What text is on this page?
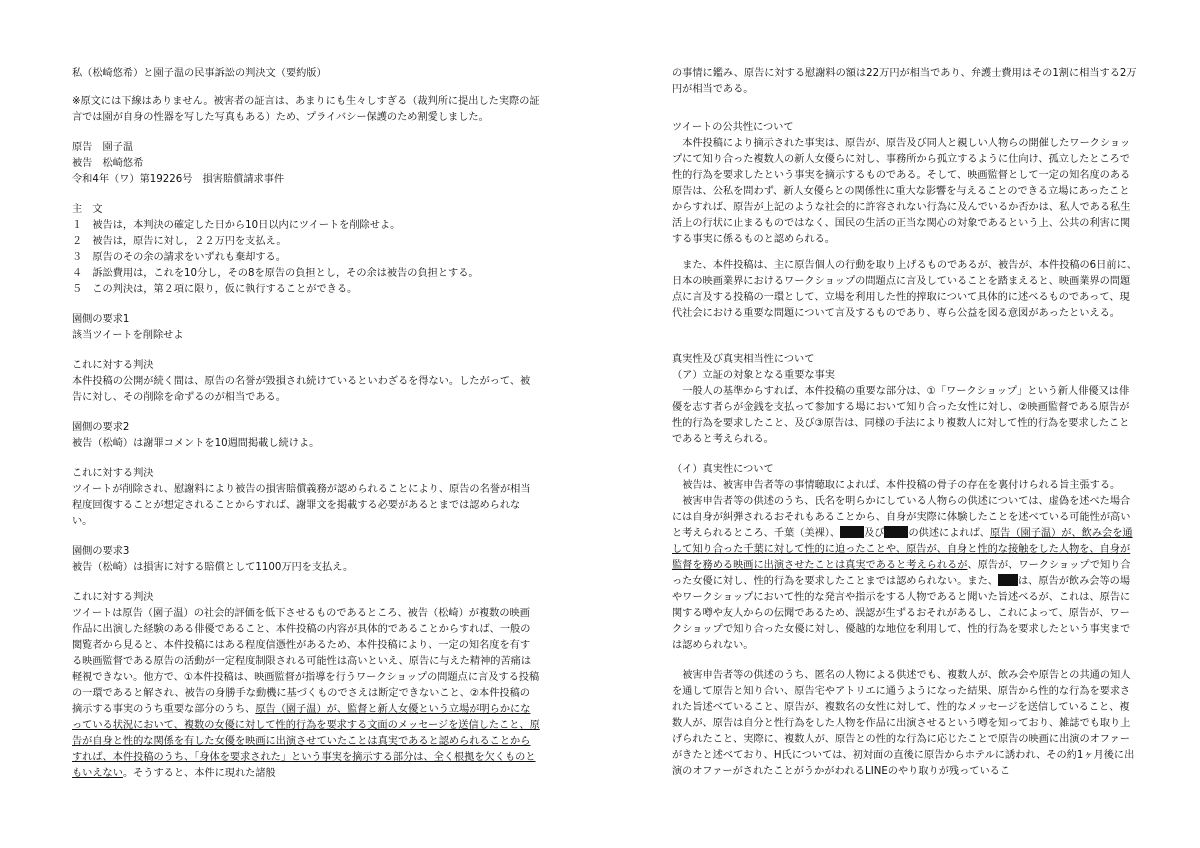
私（松崎悠希）と園子温の民事訴訟の判決文（要約版）

※原文には下線はありません。被害者の証言は、あまりにも生々しすぎる（裁判所に提出した実際の証言では園が自身の性器を写した写真もある）ため、プライバシー保護のため割愛しました。

原告　園子温

被告　松崎悠希

令和4年（ワ）第19226号　損害賠償請求事件

主　文

１　被告は，本判決の確定した日から10日以内にツイートを削除せよ。

２　被告は，原告に対し，２２万円を支払え。

３　原告のその余の請求をいずれも棄却する。

４　訴訟費用は，これを10分し，その8を原告の負担とし，その余は被告の負担とする。

５　この判決は，第２項に限り，仮に執行することができる。

園側の要求1

該当ツイートを削除せよ

これに対する判決

本件投稿の公開が続く間は、原告の名誉が毀損され続けているといわざるを得ない。したがって、被告に対し、その削除を命ずるのが相当である。

園側の要求2

被告（松崎）は謝罪コメントを10週間掲載し続けよ。

これに対する判決

ツイートが削除され、慰謝料により被告の損害賠償義務が認められることにより、原告の名誉が相当程度回復することが想定されることからすれば、謝罪文を掲載する必要があるとまでは認められない。

園側の要求3

被告（松崎）は損害に対する賠償として1100万円を支払え。

これに対する判決

ツイートは原告（園子温）の社会的評価を低下させるものであるところ、被告（松崎）が複数の映画作品に出演した経験のある俳優であること、本件投稿の内容が具体的であることからすれば、一般の閲覧者から見ると、本件投稿にはある程度信憑性があるため、本件投稿により、一定の知名度を有する映画監督である原告の活動が一定程度制限される可能性は高いといえ、原告に与えた精神的苦痛は軽視できない。他方で、①本件投稿は、映画監督が指導を行うワークショップの問題点に言及する投稿の一環であると解され、被告の身勝手な動機に基づくものでさえは断定できないこと、②本件投稿の摘示する事実のうち重要な部分のうち、原告（園子温）が、監督と新人女優という立場が明らかになっている状況において、複数の女優に対して性的行為を要求する文面のメッセージを送信したこと、原告が自身と性的な関係を有した女優を映画に出演させていたことは真実であると認められることからすれば、本件投稿のうち、「身体を要求された」という事実を摘示する部分は、全く根拠を欠くものともいえない。そうすると、本件に現れた諸般

の事情に鑑み、原告に対する慰謝料の額は22万円が相当であり、弁護士費用はその1割に相当する2万円が相当である。

ツイートの公共性について

本件投稿により摘示された事実は、原告が、原告及び同人と親しい人物らの開催したワークショップにて知り合った複数人の新人女優らに対し、事務所から孤立するように仕向け、孤立したところで性的行為を要求したという事実を摘示するものである。そして、映画監督として一定の知名度のある原告は、公私を問わず、新人女優らとの関係性に重大な影響を与えることのできる立場にあったことからすれば、原告が上記のような社会的に許容されない行為に及んでいるか否かは、私人である私生活上の行状に止まるものではなく、国民の生活の正当な関心の対象であるという上、公共の利害に関する事実に係るものと認められる。

また、本件投稿は、主に原告個人の行動を取り上げるものであるが、被告が、本件投稿の6日前に、日本の映画業界におけるワークショップの問題点に言及していることを踏まえると、映画業界の問題点に言及する投稿の一環として、立場を利用した性的搾取について具体的に述べるものであって、現代社会における重要な問題について言及するものであり、専ら公益を図る意図があったといえる。

真実性及び真実相当性について

（ア）立証の対象となる重要な事実

一般人の基準からすれば、本件投稿の重要な部分は、①「ワークショップ」という新人俳優又は俳優を志す者らが金銭を支払って参加する場において知り合った女性に対し、②映画監督である原告が性的行為を要求したこと、及び③原告は、同様の手法により複数人に対して性的行為を要求したことであると考えられる。

（イ）真実性について

被告は、被害申告者等の事情聴取によれば、本件投稿の骨子の存在を裏付けられる旨主張する。

被害申告者等の供述のうち、氏名を明らかにしている人物らの供述については、虚偽を述べた場合には自身が糾弾されるおそれもあることから、自身が実際に体験したことを述べている可能性が高いと考えられるところ、千葉（美裸）、 及び の供述によれば、原告（園子温）が、飲み会を通して知り合った千葉に対して性的に迫ったことや、原告が、自身と性的な接触をした人物を、自身が監督を務める映画に出演させたことは真実であると考えられるが、原告が、ワークショップで知り合った女優に対し、性的行為を要求したことまでは認められない。また、 は、原告が飲み会等の場やワークショップにおいて性的な発言や指示をする人物であると聞いた旨述べるが、これは、原告に関する噂や友人からの伝聞であるため、誤認が生ずるおそれがあるし、これによって、原告が、ワークショップで知り合った女優に対し、優越的な地位を利用して、性的行為を要求したという事実までは認められない。

被害申告者等の供述のうち、匿名の人物による供述でも、複数人が、飲み会や原告との共通の知人を通して原告と知り合い、原告宅やアトリエに通うようになった結果、原告から性的な行為を要求された旨述べていること、原告が、複数名の女性に対して、性的なメッセージを送信していること、複数人が、原告は自分と性行為をした人物を作品に出演させるという噂を知っており、雑誌でも取り上げられたこと、実際に、複数人が、原告との性的な行為に応じたことで原告の映画に出演のオファーがきたと述べており、H氏については、初対面の直後に原告からホテルに誘われ、その約1ヶ月後に出演のオファーがされたことがうかがわれるLINEのやり取りが残っているこ
